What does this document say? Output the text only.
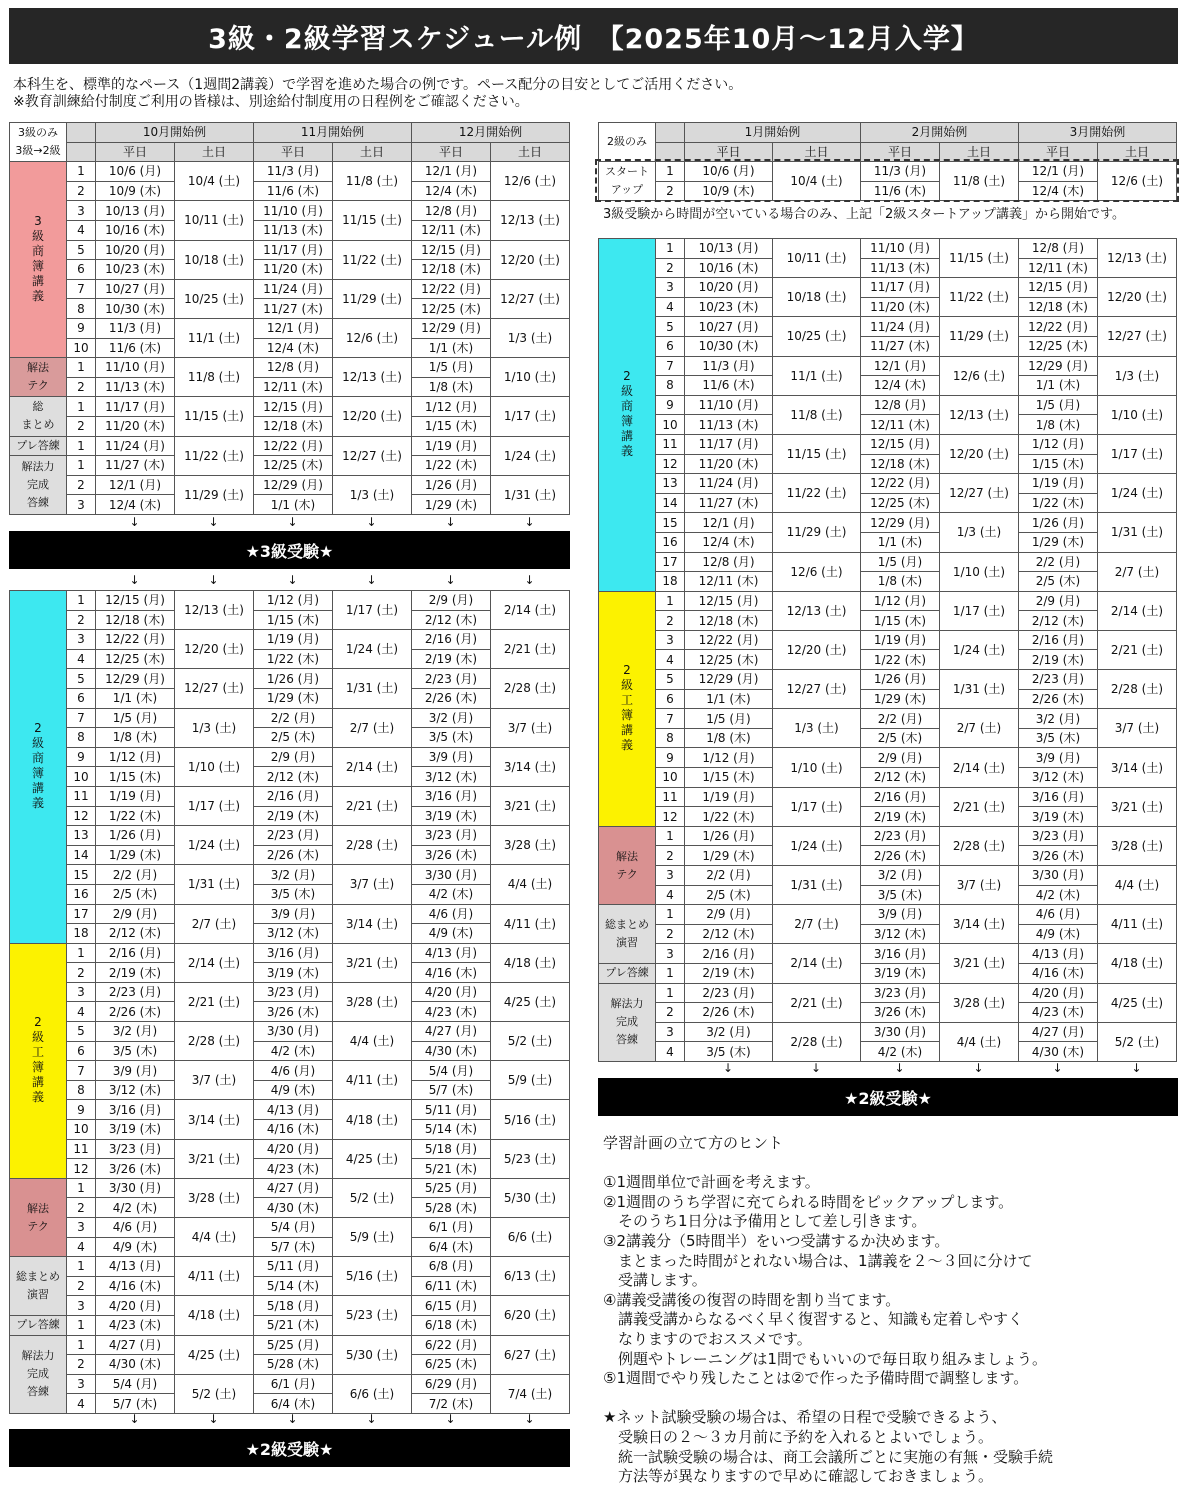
3級・2級学習スケジュール例　【2025年10月～12月入学】
本科生を、標準的なペース（1週間2講義）で学習を進めた場合の例です。ペース配分の目安としてご活用ください。
※教育訓練給付制度ご利用の皆様は、別途給付制度用の日程例をご確認ください。
3級のみ
3級→2級		10月開始例		11月開始例		12月開始例	
		平日	土日	平日	土日	平日	土日
3級商簿講義	1	10/6 (月)	10/4 (土)	11/3 (月)	11/8 (土)	12/1 (月)	12/6 (土)
	2	10/9 (木)		11/6 (木)		12/4 (木)	
	3	10/13 (月)	10/11 (土)	11/10 (月)	11/15 (土)	12/8 (月)	12/13 (土)
	4	10/16 (木)		11/13 (木)		12/11 (木)	
	5	10/20 (月)	10/18 (土)	11/17 (月)	11/22 (土)	12/15 (月)	12/20 (土)
	6	10/23 (木)		11/20 (木)		12/18 (木)	
	7	10/27 (月)	10/25 (土)	11/24 (月)	11/29 (土)	12/22 (月)	12/27 (土)
	8	10/30 (木)		11/27 (木)		12/25 (木)	
	9	11/3 (月)	11/1 (土)	12/1 (月)	12/6 (土)	12/29 (月)	1/3 (土)
	10	11/6 (木)		12/4 (木)		1/1 (木)	
解法
テク	1	11/10 (月)	11/8 (土)	12/8 (月)	12/13 (土)	1/5 (月)	1/10 (土)
	2	11/13 (木)		12/11 (木)		1/8 (木)	
総
まとめ	1	11/17 (月)	11/15 (土)	12/15 (月)	12/20 (土)	1/12 (月)	1/17 (土)
	2	11/20 (木)		12/18 (木)		1/15 (木)	
プレ答練	1	11/24 (月)	11/22 (土)	12/22 (月)	12/27 (土)	1/19 (月)	1/24 (土)
解法力
完成
答練	1	11/27 (木)		12/25 (木)		1/22 (木)	
	2	12/1 (月)	11/29 (土)	12/29 (月)	1/3 (土)	1/26 (月)	1/31 (土)
	3	12/4 (木)		1/1 (木)		1/29 (木)	
↓	↓	↓	↓	↓	↓
★3級受験★
↓	↓	↓	↓	↓	↓
2級商簿講義	1	12/15 (月)	12/13 (土)	1/12 (月)	1/17 (土)	2/9 (月)	2/14 (土)
	2	12/18 (木)		1/15 (木)		2/12 (木)	
	3	12/22 (月)	12/20 (土)	1/19 (月)	1/24 (土)	2/16 (月)	2/21 (土)
	4	12/25 (木)		1/22 (木)		2/19 (木)	
	5	12/29 (月)	12/27 (土)	1/26 (月)	1/31 (土)	2/23 (月)	2/28 (土)
	6	1/1 (木)		1/29 (木)		2/26 (木)	
	7	1/5 (月)	1/3 (土)	2/2 (月)	2/7 (土)	3/2 (月)	3/7 (土)
	8	1/8 (木)		2/5 (木)		3/5 (木)	
	9	1/12 (月)	1/10 (土)	2/9 (月)	2/14 (土)	3/9 (月)	3/14 (土)
	10	1/15 (木)		2/12 (木)		3/12 (木)	
	11	1/19 (月)	1/17 (土)	2/16 (月)	2/21 (土)	3/16 (月)	3/21 (土)
	12	1/22 (木)		2/19 (木)		3/19 (木)	
	13	1/26 (月)	1/24 (土)	2/23 (月)	2/28 (土)	3/23 (月)	3/28 (土)
	14	1/29 (木)		2/26 (木)		3/26 (木)	
	15	2/2 (月)	1/31 (土)	3/2 (月)	3/7 (土)	3/30 (月)	4/4 (土)
	16	2/5 (木)		3/5 (木)		4/2 (木)	
	17	2/9 (月)	2/7 (土)	3/9 (月)	3/14 (土)	4/6 (月)	4/11 (土)
	18	2/12 (木)		3/12 (木)		4/9 (木)	
2級工簿講義	1	2/16 (月)	2/14 (土)	3/16 (月)	3/21 (土)	4/13 (月)	4/18 (土)
	2	2/19 (木)		3/19 (木)		4/16 (木)	
	3	2/23 (月)	2/21 (土)	3/23 (月)	3/28 (土)	4/20 (月)	4/25 (土)
	4	2/26 (木)		3/26 (木)		4/23 (木)	
	5	3/2 (月)	2/28 (土)	3/30 (月)	4/4 (土)	4/27 (月)	5/2 (土)
	6	3/5 (木)		4/2 (木)		4/30 (木)	
	7	3/9 (月)	3/7 (土)	4/6 (月)	4/11 (土)	5/4 (月)	5/9 (土)
	8	3/12 (木)		4/9 (木)		5/7 (木)	
	9	3/16 (月)	3/14 (土)	4/13 (月)	4/18 (土)	5/11 (月)	5/16 (土)
	10	3/19 (木)		4/16 (木)		5/14 (木)	
	11	3/23 (月)	3/21 (土)	4/20 (月)	4/25 (土)	5/18 (月)	5/23 (土)
	12	3/26 (木)		4/23 (木)		5/21 (木)	
解法
テク	1	3/30 (月)	3/28 (土)	4/27 (月)	5/2 (土)	5/25 (月)	5/30 (土)
	2	4/2 (木)		4/30 (木)		5/28 (木)	
	3	4/6 (月)	4/4 (土)	5/4 (月)	5/9 (土)	6/1 (月)	6/6 (土)
	4	4/9 (木)		5/7 (木)		6/4 (木)	
総まとめ
演習	1	4/13 (月)	4/11 (土)	5/11 (月)	5/16 (土)	6/8 (月)	6/13 (土)
	2	4/16 (木)		5/14 (木)		6/11 (木)	
	3	4/20 (月)	4/18 (土)	5/18 (月)	5/23 (土)	6/15 (月)	6/20 (土)
プレ答練	1	4/23 (木)		5/21 (木)		6/18 (木)	
解法力
完成
答練	1	4/27 (月)	4/25 (土)	5/25 (月)	5/30 (土)	6/22 (月)	6/27 (土)
	2	4/30 (木)		5/28 (木)		6/25 (木)	
	3	5/4 (月)	5/2 (土)	6/1 (月)	6/6 (土)	6/29 (月)	7/4 (土)
	4	5/7 (木)		6/4 (木)		7/2 (木)	
↓	↓	↓	↓	↓	↓
★2級受験★
2級のみ		1月開始例		2月開始例		3月開始例	
		平日	土日	平日	土日	平日	土日
スタート
アップ	1	10/6 (月)	10/4 (土)	11/3 (月)	11/8 (土)	12/1 (月)	12/6 (土)
	2	10/9 (木)		11/6 (木)		12/4 (木)	
3級受験から時間が空いている場合のみ、上記「2級スタートアップ講義」から開始です。
2級商簿講義	1	10/13 (月)	10/11 (土)	11/10 (月)	11/15 (土)	12/8 (月)	12/13 (土)
	2	10/16 (木)		11/13 (木)		12/11 (木)	
	3	10/20 (月)	10/18 (土)	11/17 (月)	11/22 (土)	12/15 (月)	12/20 (土)
	4	10/23 (木)		11/20 (木)		12/18 (木)	
	5	10/27 (月)	10/25 (土)	11/24 (月)	11/29 (土)	12/22 (月)	12/27 (土)
	6	10/30 (木)		11/27 (木)		12/25 (木)	
	7	11/3 (月)	11/1 (土)	12/1 (月)	12/6 (土)	12/29 (月)	1/3 (土)
	8	11/6 (木)		12/4 (木)		1/1 (木)	
	9	11/10 (月)	11/8 (土)	12/8 (月)	12/13 (土)	1/5 (月)	1/10 (土)
	10	11/13 (木)		12/11 (木)		1/8 (木)	
	11	11/17 (月)	11/15 (土)	12/15 (月)	12/20 (土)	1/12 (月)	1/17 (土)
	12	11/20 (木)		12/18 (木)		1/15 (木)	
	13	11/24 (月)	11/22 (土)	12/22 (月)	12/27 (土)	1/19 (月)	1/24 (土)
	14	11/27 (木)		12/25 (木)		1/22 (木)	
	15	12/1 (月)	11/29 (土)	12/29 (月)	1/3 (土)	1/26 (月)	1/31 (土)
	16	12/4 (木)		1/1 (木)		1/29 (木)	
	17	12/8 (月)	12/6 (土)	1/5 (月)	1/10 (土)	2/2 (月)	2/7 (土)
	18	12/11 (木)		1/8 (木)		2/5 (木)	
2級工簿講義	1	12/15 (月)	12/13 (土)	1/12 (月)	1/17 (土)	2/9 (月)	2/14 (土)
	2	12/18 (木)		1/15 (木)		2/12 (木)	
	3	12/22 (月)	12/20 (土)	1/19 (月)	1/24 (土)	2/16 (月)	2/21 (土)
	4	12/25 (木)		1/22 (木)		2/19 (木)	
	5	12/29 (月)	12/27 (土)	1/26 (月)	1/31 (土)	2/23 (月)	2/28 (土)
	6	1/1 (木)		1/29 (木)		2/26 (木)	
	7	1/5 (月)	1/3 (土)	2/2 (月)	2/7 (土)	3/2 (月)	3/7 (土)
	8	1/8 (木)		2/5 (木)		3/5 (木)	
	9	1/12 (月)	1/10 (土)	2/9 (月)	2/14 (土)	3/9 (月)	3/14 (土)
	10	1/15 (木)		2/12 (木)		3/12 (木)	
	11	1/19 (月)	1/17 (土)	2/16 (月)	2/21 (土)	3/16 (月)	3/21 (土)
	12	1/22 (木)		2/19 (木)		3/19 (木)	
解法
テク	1	1/26 (月)	1/24 (土)	2/23 (月)	2/28 (土)	3/23 (月)	3/28 (土)
	2	1/29 (木)		2/26 (木)		3/26 (木)	
	3	2/2 (月)	1/31 (土)	3/2 (月)	3/7 (土)	3/30 (月)	4/4 (土)
	4	2/5 (木)		3/5 (木)		4/2 (木)	
総まとめ
演習	1	2/9 (月)	2/7 (土)	3/9 (月)	3/14 (土)	4/6 (月)	4/11 (土)
	2	2/12 (木)		3/12 (木)		4/9 (木)	
	3	2/16 (月)	2/14 (土)	3/16 (月)	3/21 (土)	4/13 (月)	4/18 (土)
プレ答練	1	2/19 (木)		3/19 (木)		4/16 (木)	
解法力
完成
答練	1	2/23 (月)	2/21 (土)	3/23 (月)	3/28 (土)	4/20 (月)	4/25 (土)
	2	2/26 (木)		3/26 (木)		4/23 (木)	
	3	3/2 (月)	2/28 (土)	3/30 (月)	4/4 (土)	4/27 (月)	5/2 (土)
	4	3/5 (木)		4/2 (木)		4/30 (木)	
↓	↓	↓	↓	↓	↓
★2級受験★
学習計画の立て方のヒント

①1週間単位で計画を考えます。
②1週間のうち学習に充てられる時間をピックアップします。
　そのうち1日分は予備用として差し引きます。
③2講義分（5時間半）をいつ受講するか決めます。
　まとまった時間がとれない場合は、1講義を２～３回に分けて
　受講します。
④講義受講後の復習の時間を割り当てます。
　講義受講からなるべく早く復習すると、知識も定着しやすく
　なりますのでおススメです。
　例題やトレーニングは1問でもいいので毎日取り組みましょう。
⑤1週間でやり残したことは②で作った予備時間で調整します。

★ネット試験受験の場合は、希望の日程で受験できるよう、
　受験日の２～３カ月前に予約を入れるとよいでしょう。
　統一試験受験の場合は、商工会議所ごとに実施の有無・受験手続
　方法等が異なりますので早めに確認しておきましょう。
